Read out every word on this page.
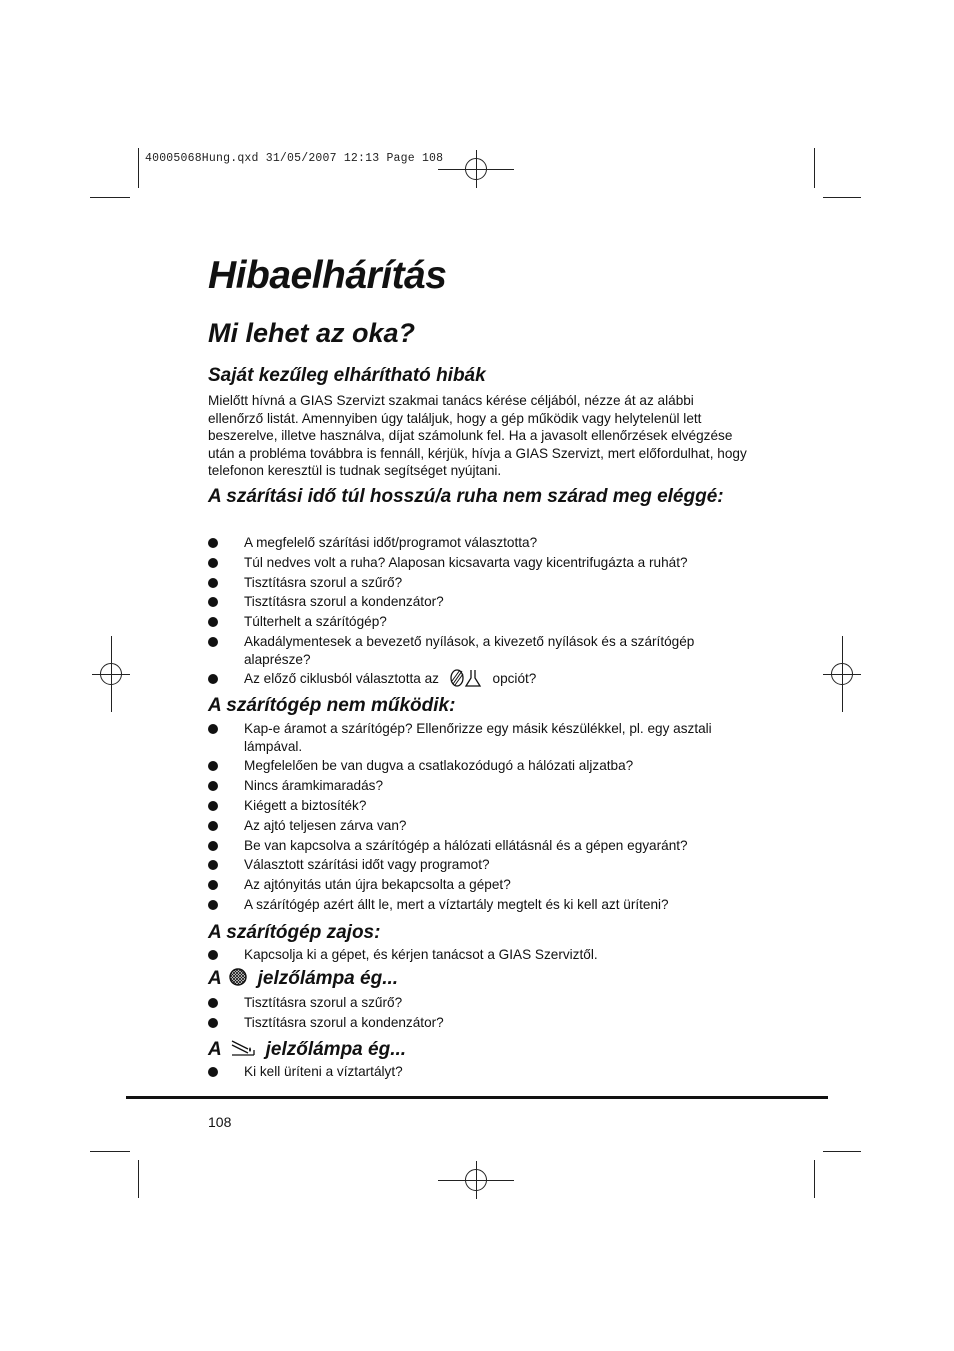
40005068Hung.qxd 31/05/2007 12:13 Page 108
Hibaelhárítás
Mi lehet az oka?
Saját kezűleg elhárítható hibák

Mielőtt hívná a GIAS Szervizt szakmai tanács kérése céljából, nézze át az alábbi ellenőrző listát. Amennyiben úgy találjuk, hogy a gép működik vagy helytelenül lett beszerelve, illetve használva, díjat számolunk fel. Ha a javasolt ellenőrzések elvégzése után a probléma továbbra is fennáll, kérjük, hívja a GIAS Szervizt, mert előfordulhat, hogy telefonon keresztül is tudnak segítséget nyújtani.

A szárítási idő túl hosszú/a ruha nem szárad meg eléggé:
A megfelelő szárítási időt/programot választotta?
Túl nedves volt a ruha? Alaposan kicsavarta vagy kicentrifugázta a ruhát?
Tisztításra szorul a szűrő?
Tisztításra szorul a kondenzátor?
Túlterhelt a szárítógép?
Akadálymentesek a bevezető nyílások, a kivezető nyílások és a szárítógép alaprésze?
Az előző ciklusból választotta az	opciót?
A szárítógép nem működik:
Kap-e áramot a szárítógép? Ellenőrizze egy másik készülékkel, pl. egy asztali lámpával.
Megfelelően be van dugva a csatlakozódugó a hálózati aljzatba?
Nincs áramkimaradás?
Kiégett a biztosíték?
Az ajtó teljesen zárva van?
Be van kapcsolva a szárítógép a hálózati ellátásnál és a gépen egyaránt?
Választott szárítási időt vagy programot?
Az ajtónyitás után újra bekapcsolta a gépet?
A szárítógép azért állt le, mert a víztartály megtelt és ki kell azt üríteni?
A szárítógép zajos:
Kapcsolja ki a gépet, és kérjen tanácsot a GIAS Szerviztől.
A jelzőlámpa ég...
Tisztításra szorul a szűrő?
Tisztításra szorul a kondenzátor?
A jelzőlámpa ég...
Ki kell üríteni a víztartályt?
108
